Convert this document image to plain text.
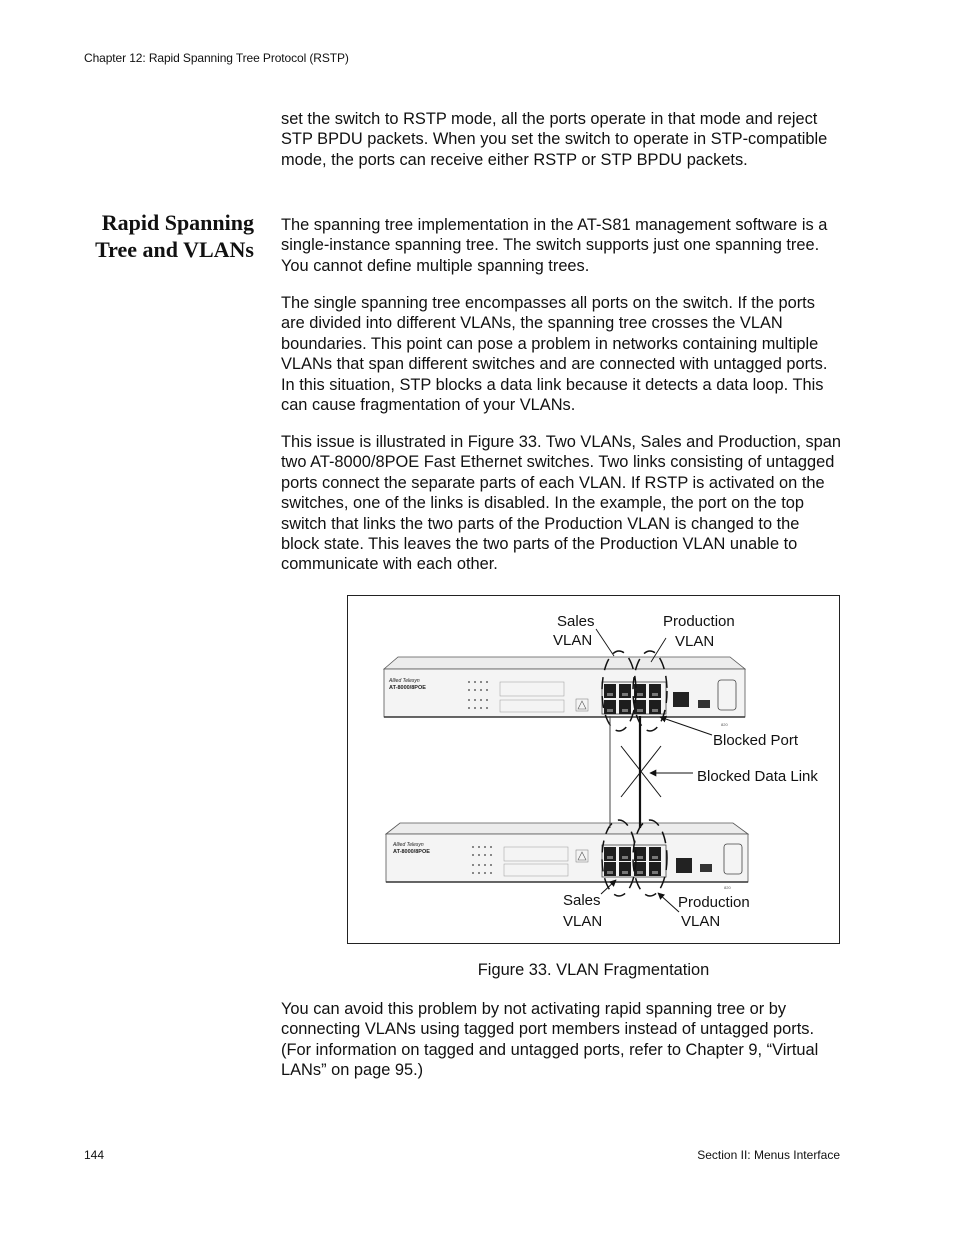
Chapter 12: Rapid Spanning Tree Protocol (RSTP)

set the switch to RSTP mode, all the ports operate in that mode and reject STP BPDU packets. When you set the switch to operate in STP-compatible mode, the ports can receive either RSTP or STP BPDU packets.

Rapid Spanning Tree and VLANs

The spanning tree implementation in the AT-S81 management software is a single-instance spanning tree. The switch supports just one spanning tree. You cannot define multiple spanning trees.

The single spanning tree encompasses all ports on the switch. If the ports are divided into different VLANs, the spanning tree crosses the VLAN boundaries. This point can pose a problem in networks containing multiple VLANs that span different switches and are connected with untagged ports. In this situation, STP blocks a data link because it detects a data loop. This can cause fragmentation of your VLANs.

This issue is illustrated in Figure 33. Two VLANs, Sales and Production, span two AT-8000/8POE Fast Ethernet switches. Two links consisting of untagged ports connect the separate parts of each VLAN. If RSTP is activated on the switches, one of the links is disabled. In the example, the port on the top switch that links the two parts of the Production VLAN is changed to the block state. This leaves the two parts of the Production VLAN unable to communicate with each other.

Allied Telesyn
AT-8000/8POE
820
Allied Telesyn
AT-8000/8POE
820
Sales
VLAN
Production
VLAN
Blocked Port
Blocked Data Link
Sales
VLAN
Production
VLAN
Figure 33. VLAN Fragmentation

You can avoid this problem by not activating rapid spanning tree or by connecting VLANs using tagged port members instead of untagged ports. (For information on tagged and untagged ports, refer to Chapter 9, “Virtual LANs” on page 95.)

144	Section II: Menus Interface
